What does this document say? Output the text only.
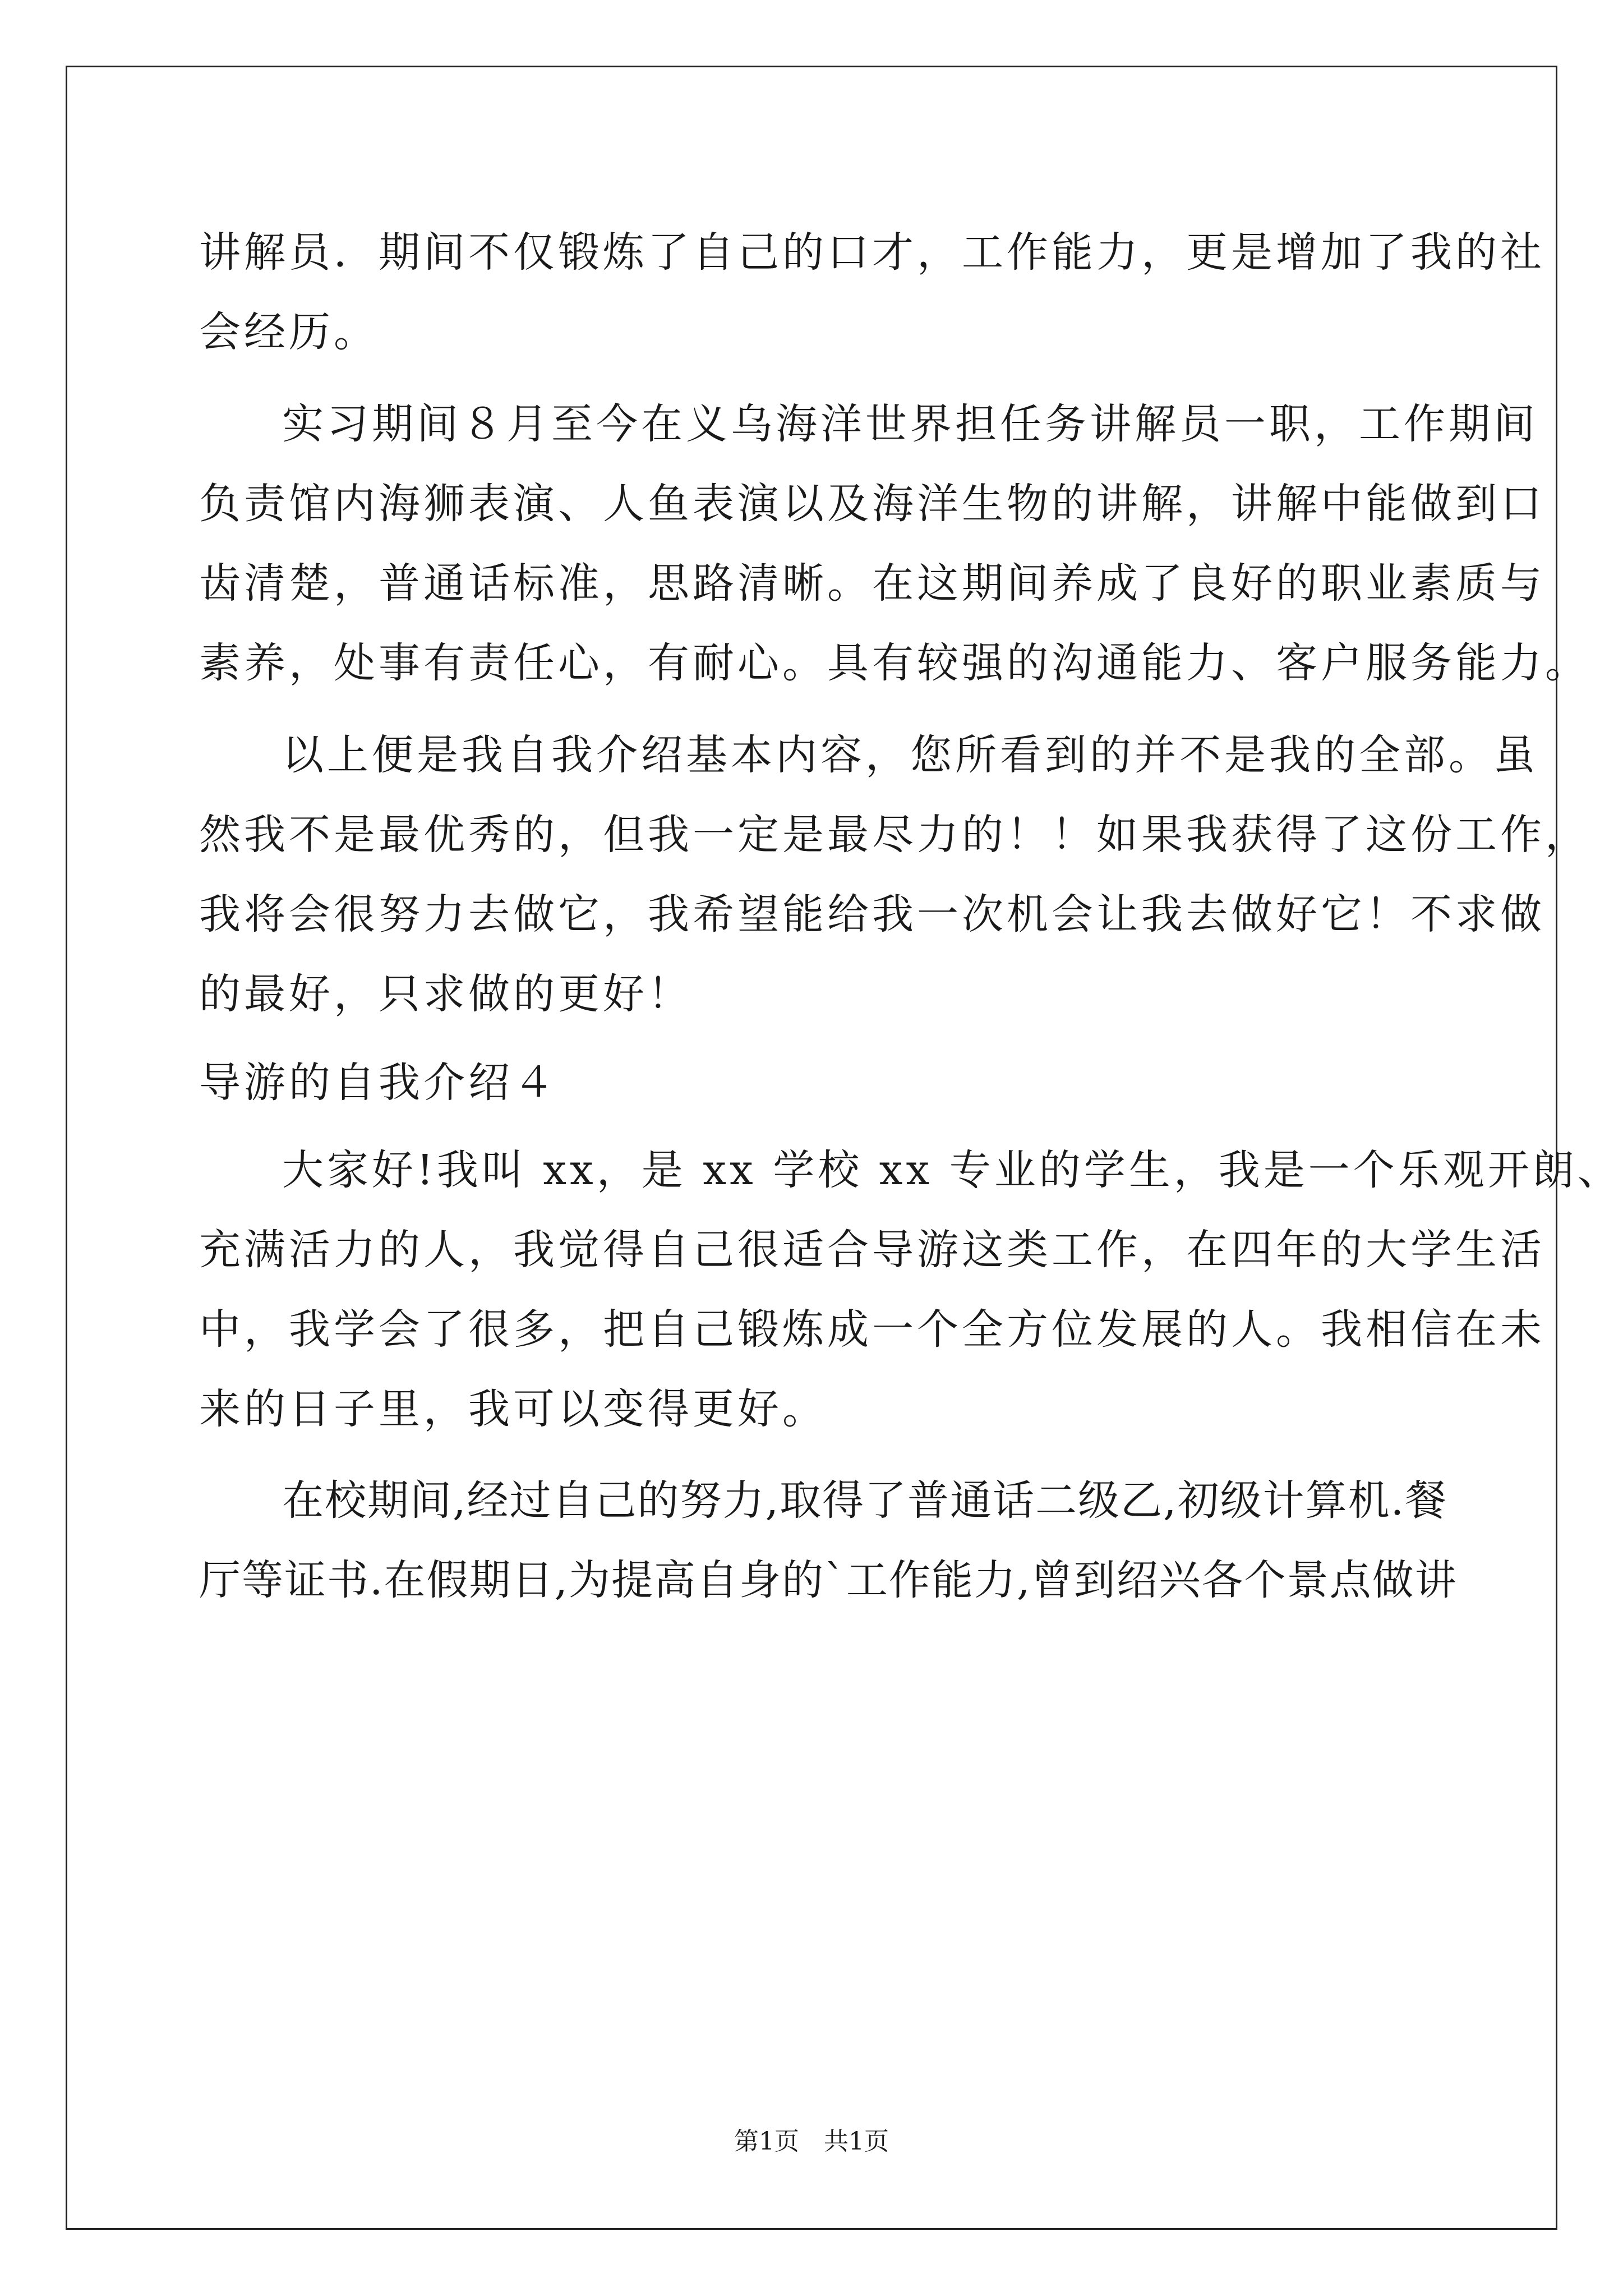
讲解员．期间不仅锻炼了自己的口才，工作能力，更是增加了我的社
会经历。
实习期间８月至今在义乌海洋世界担任务讲解员一职，工作期间
负责馆内海狮表演、人鱼表演以及海洋生物的讲解，讲解中能做到口
齿清楚，普通话标准，思路清晰。在这期间养成了良好的职业素质与
素养，处事有责任心，有耐心。具有较强的沟通能力、客户服务能力。
以上便是我自我介绍基本内容，您所看到的并不是我的全部。虽
然我不是最优秀的，但我一定是最尽力的！！如果我获得了这份工作，
我将会很努力去做它，我希望能给我一次机会让我去做好它！不求做
的最好，只求做的更好！
导游的自我介绍４
大家好!我叫 xx，是 xx 学校 xx 专业的学生，我是一个乐观开朗、
充满活力的人，我觉得自己很适合导游这类工作，在四年的大学生活
中，我学会了很多，把自己锻炼成一个全方位发展的人。我相信在未
来的日子里，我可以变得更好。
在校期间,经过自己的努力,取得了普通话二级乙,初级计算机.餐
厅等证书.在假期日,为提高自身的`工作能力,曾到绍兴各个景点做讲
第1页　共1页
